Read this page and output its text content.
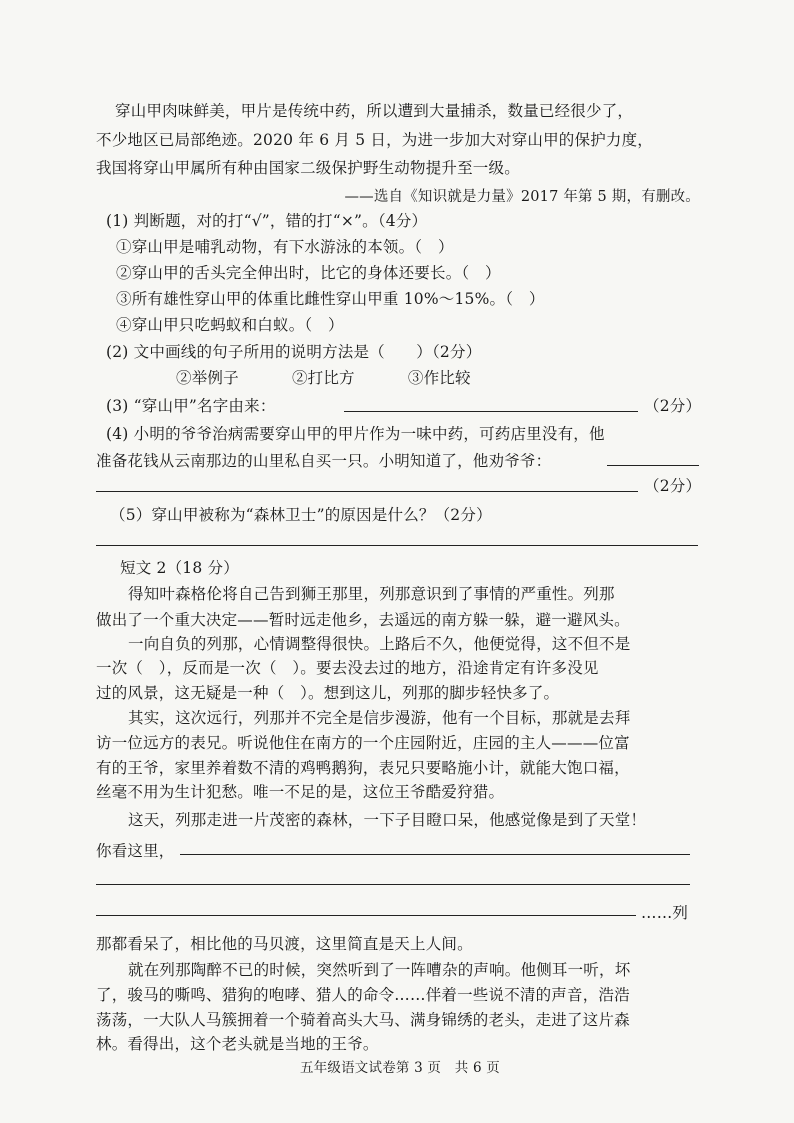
穿山甲肉味鲜美，甲片是传统中药，所以遭到大量捕杀，数量已经很少了，
不少地区已局部绝迹。2020 年 6 月 5 日，为进一步加大对穿山甲的保护力度，
我国将穿山甲属所有种由国家二级保护野生动物提升至一级。
——选自《知识就是力量》2017 年第 5 期，有删改。
(1) 判断题，对的打“√”，错的打“×”。（4分）
①穿山甲是哺乳动物，有下水游泳的本领。（　）
②穿山甲的舌头完全伸出时，比它的身体还要长。（　）
③所有雄性穿山甲的体重比雌性穿山甲重 10%～15%。（　）
④穿山甲只吃蚂蚁和白蚁。（　）
(2) 文中画线的句子所用的说明方法是（　　）（2分）
②举例子	②打比方	③作比较
(3) “穿山甲”名字由来：	（2分）
(4) 小明的爷爷治病需要穿山甲的甲片作为一味中药，可药店里没有，他
准备花钱从云南那边的山里私自买一只。小明知道了，他劝爷爷：
（2分）
（5）穿山甲被称为“森林卫士”的原因是什么？（2分）
短文 2（18 分）
得知叶森格伦将自己告到狮王那里，列那意识到了事情的严重性。列那
做出了一个重大决定——暂时远走他乡，去遥远的南方躲一躲，避一避风头。
一向自负的列那，心情调整得很快。上路后不久，他便觉得，这不但不是
一次（　），反而是一次（　）。要去没去过的地方，沿途肯定有许多没见
过的风景，这无疑是一种（　）。想到这儿，列那的脚步轻快多了。
其实，这次远行，列那并不完全是信步漫游，他有一个目标，那就是去拜
访一位远方的表兄。听说他住在南方的一个庄园附近，庄园的主人———位富
有的王爷，家里养着数不清的鸡鸭鹅狗，表兄只要略施小计，就能大饱口福，
丝毫不用为生计犯愁。唯一不足的是，这位王爷酷爱狩猎。
这天，列那走进一片茂密的森林，一下子目瞪口呆，他感觉像是到了天堂！
你看这里，
……列
那都看呆了，相比他的马贝渡，这里简直是天上人间。
就在列那陶醉不已的时候，突然听到了一阵嘈杂的声响。他侧耳一听，坏
了，骏马的嘶鸣、猎狗的咆哮、猎人的命令……伴着一些说不清的声音，浩浩
荡荡，一大队人马簇拥着一个骑着高头大马、满身锦绣的老头，走进了这片森
林。看得出，这个老头就是当地的王爷。
五年级语文试卷第 3 页　共 6 页
